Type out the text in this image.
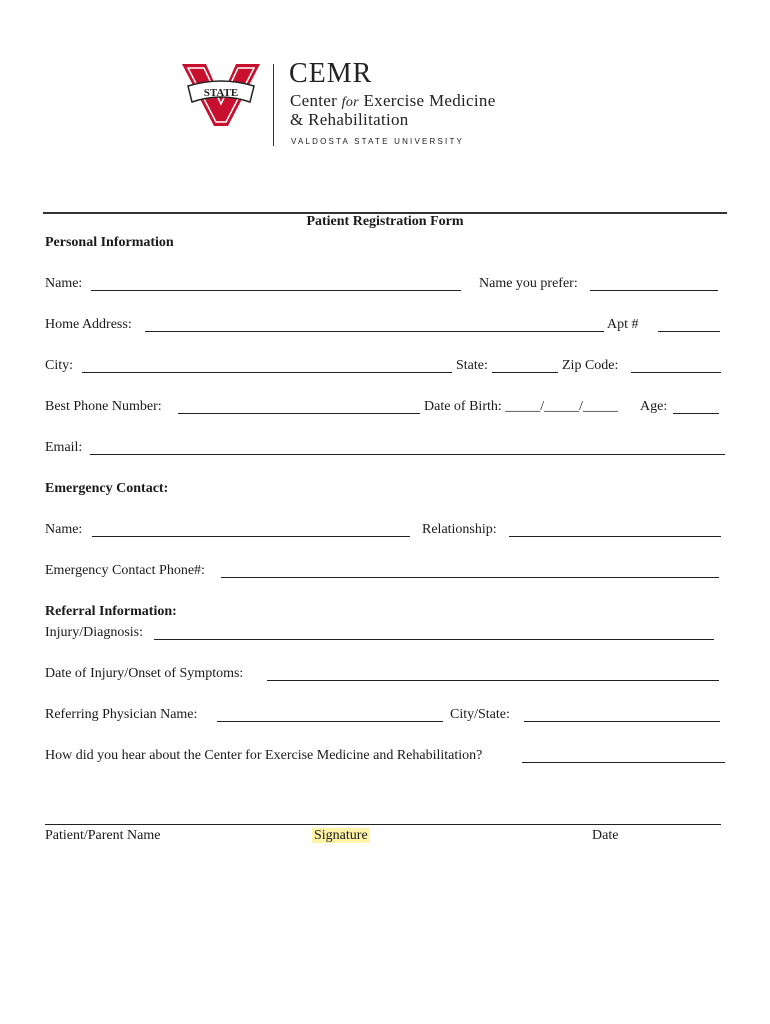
STATE
CEMR
Center for Exercise Medicine
& Rehabilitation
VALDOSTA STATE UNIVERSITY
Patient Registration Form
Personal Information
Name:	Name you prefer:
Home Address:	Apt #
City:	State:	Zip Code:
Best Phone Number:	Date of Birth: _____/_____/_____ Age:
Email:
Emergency Contact:
Name:	Relationship:
Emergency Contact Phone#:
Referral Information:
Injury/Diagnosis:
Date of Injury/Onset of Symptoms:
Referring Physician Name:	City/State:
How did you hear about the Center for Exercise Medicine and Rehabilitation?
Patient/Parent Name	Signature	Date
